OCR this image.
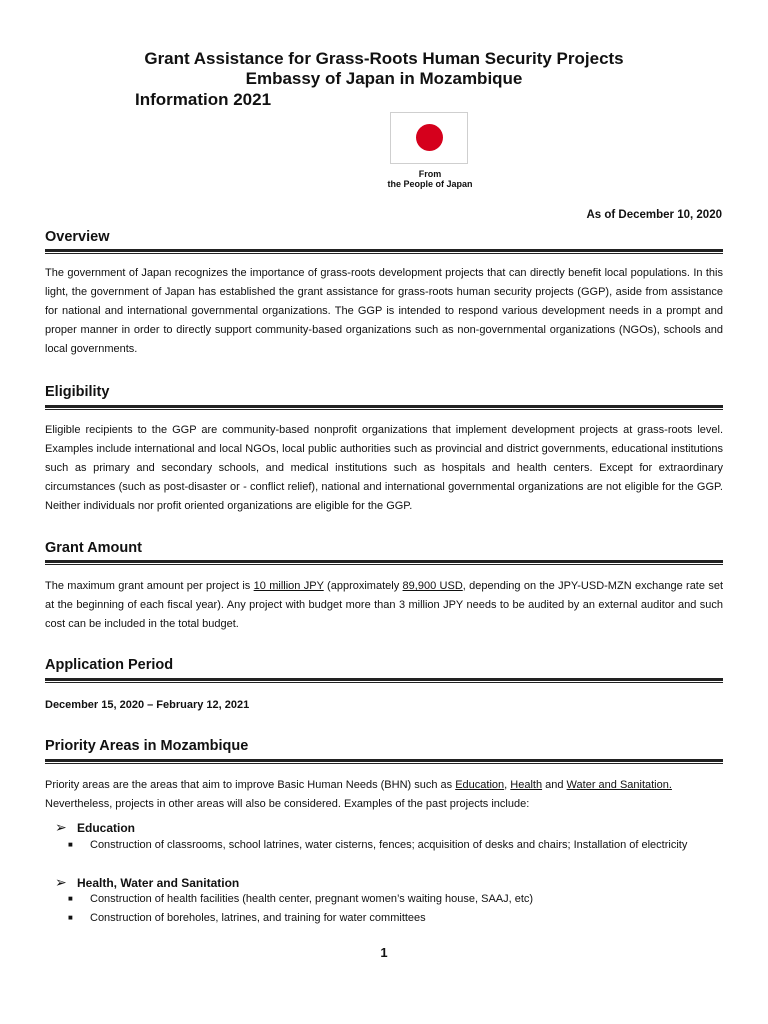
Grant Assistance for Grass-Roots Human Security Projects
Embassy of Japan in Mozambique
Information 2021
From
the People of Japan
As of December 10, 2020
Overview
The government of Japan recognizes the importance of grass-roots development projects that can directly benefit local populations. In this light, the government of Japan has established the grant assistance for grass-roots human security projects (GGP), aside from assistance for national and international governmental organizations. The GGP is intended to respond various development needs in a prompt and proper manner in order to directly support community-based organizations such as non-governmental organizations (NGOs), schools and local governments.
Eligibility
Eligible recipients to the GGP are community-based nonprofit organizations that implement development projects at grass-roots level. Examples include international and local NGOs, local public authorities such as provincial and district governments, educational institutions such as primary and secondary schools, and medical institutions such as hospitals and health centers. Except for extraordinary circumstances (such as post-disaster or - conflict relief), national and international governmental organizations are not eligible for the GGP. Neither individuals nor profit oriented organizations are eligible for the GGP.
Grant Amount
The maximum grant amount per project is 10 million JPY (approximately 89,900 USD, depending on the JPY-USD-MZN exchange rate set at the beginning of each fiscal year). Any project with budget more than 3 million JPY needs to be audited by an external auditor and such cost can be included in the total budget.
Application Period
December 15, 2020 – February 12, 2021
Priority Areas in Mozambique
Priority areas are the areas that aim to improve Basic Human Needs (BHN) such as Education, Health and Water and Sanitation. Nevertheless, projects in other areas will also be considered. Examples of the past projects include:
➢ Education
■ Construction of classrooms, school latrines, water cisterns, fences; acquisition of desks and chairs; Installation of electricity
➢ Health, Water and Sanitation
■ Construction of health facilities (health center, pregnant women’s waiting house, SAAJ, etc)
■ Construction of boreholes, latrines, and training for water committees
1
